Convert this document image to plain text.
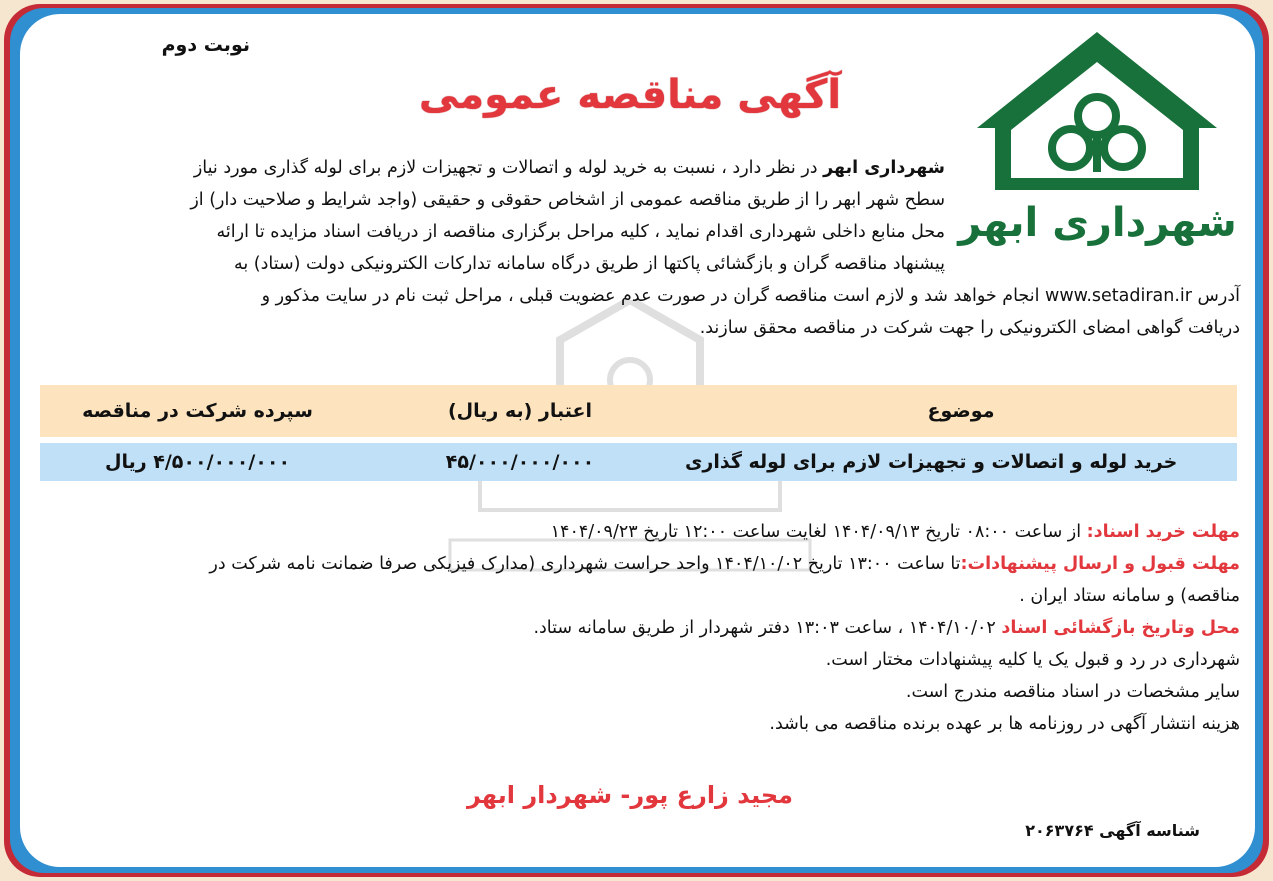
نوبت دوم
آگهی مناقصه عمومی
شهرداری ابهر
شهرداری ابهر در نظر دارد ، نسبت به خرید لوله و اتصالات و تجهیزات لازم برای لوله گذاری مورد نیاز
سطح شهر ابهر را از طریق مناقصه عمومی از اشخاص حقوقی و حقیقی (واجد شرایط و صلاحیت دار) از
محل منابع داخلی شهرداری اقدام نماید ، کلیه مراحل برگزاری مناقصه از دریافت اسناد مزایده تا ارائه
پیشنهاد مناقصه گران و بازگشائی پاکتها از طریق درگاه سامانه تدارکات الکترونیکی دولت (ستاد) به
آدرس www.setadiran.ir انجام خواهد شد و لازم است مناقصه گران در صورت عدم عضویت قبلی ، مراحل ثبت نام در سایت مذکور و
دریافت گواهی امضای الکترونیکی را جهت شرکت در مناقصه محقق سازند.
موضوع
اعتبار (به ریال)
سپرده شرکت در مناقصه
خرید لوله و اتصالات و تجهیزات لازم برای لوله گذاری
۴۵/۰۰۰/۰۰۰/۰۰۰
۴/۵۰۰/۰۰۰/۰۰۰ ریال
مهلت خرید اسناد: از ساعت ۰۸:۰۰ تاریخ ۱۴۰۴/۰۹/۱۳ لغایت ساعت ۱۲:۰۰ تاریخ ۱۴۰۴/۰۹/۲۳
مهلت قبول و ارسال پیشنهادات:تا ساعت ۱۳:۰۰ تاریخ ۱۴۰۴/۱۰/۰۲ واحد حراست شهرداری (مدارک فیزیکی صرفا ضمانت نامه شرکت در
مناقصه) و سامانه ستاد ایران .
محل وتاریخ بازگشائی اسناد ۱۴۰۴/۱۰/۰۲ ، ساعت ۱۳:۰۳ دفتر شهردار از طریق سامانه ستاد.
شهرداری در رد و قبول یک یا کلیه پیشنهادات مختار است.
سایر مشخصات در اسناد مناقصه مندرج است.
هزینه انتشار آگهی در روزنامه ها بر عهده برنده مناقصه می باشد.
مجید زارع پور- شهردار ابهر
شناسه آگهی ۲۰۶۳۷۶۴
